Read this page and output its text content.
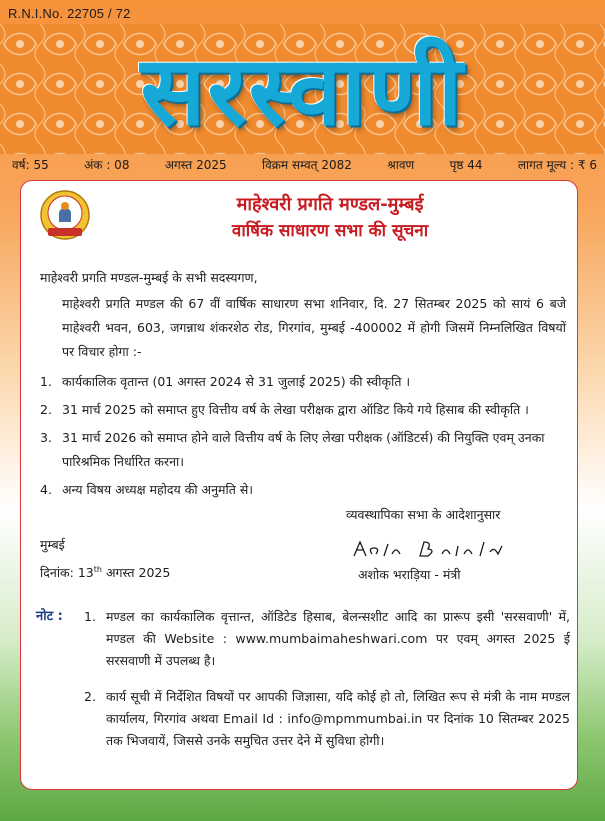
R.N.I.No. 22705 / 72
सरस्वाणी
वर्ष: 55	अंक : 08	अगस्त 2025	विक्रम सम्वत् 2082	श्रावण	पृष्ठ 44	लागत मूल्य : ₹ 6
माहेश्वरी प्रगति मण्डल-मुम्बई
वार्षिक साधारण सभा की सूचना
माहेश्वरी प्रगति मण्डल-मुम्बई के सभी सदस्यगण,
माहेश्वरी प्रगति मण्डल की 67 वीं वार्षिक साधारण सभा शनिवार, दि. 27 सितम्बर 2025 को सायं 6 बजे माहेश्वरी भवन, 603, जगन्नाथ शंकरशेठ रोड, गिरगांव, मुम्बई -400002 में होगी जिसमें निम्नलिखित विषयों पर विचार होगा :-
1. कार्यकालिक वृतान्त (01 अगस्त 2024 से 31 जुलाई 2025) की स्वीकृति ।
2. 31 मार्च 2025 को समाप्त हुए वित्तीय वर्ष के लेखा परीक्षक द्वारा ऑडिट किये गये हिसाब की स्वीकृति ।
3. 31 मार्च 2026 को समाप्त होने वाले वित्तीय वर्ष के लिए लेखा परीक्षक (ऑडिटर्स) की नियुक्ति एवम् उनका पारिश्रमिक निर्धारित करना।
4. अन्य विषय अध्यक्ष महोदय की अनुमति से।
व्यवस्थापिका सभा के आदेशानुसार
मुम्बई
दिनांक: 13th अगस्त 2025	अशोक भराड़िया - मंत्री
नोट : 1. मण्डल का कार्यकालिक वृत्तान्त, ऑडिटेड हिसाब, बेलन्सशीट आदि का प्रारूप इसी 'सरसवाणी' में, मण्डल की Website : www.mumbaimaheshwari.com पर एवम् अगस्त 2025 ई सरसवाणी में उपलब्ध है।
2. कार्य सूची में निर्देशित विषयों पर आपकी जिज्ञासा, यदि कोई हो तो, लिखित रूप से मंत्री के नाम मण्डल कार्यालय, गिरगांव अथवा Email Id : info@mpmmumbai.in पर दिनांक 10 सितम्बर 2025 तक भिजवायें, जिससे उनके समुचित उत्तर देने में सुविधा होगी।
